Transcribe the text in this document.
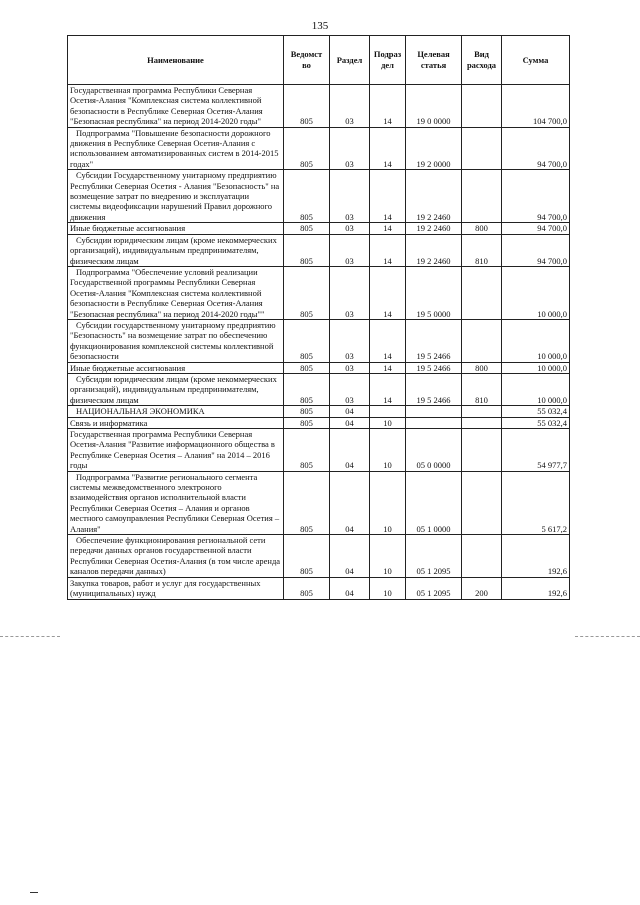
135
Наименование	Ведомст во	Раздел	Подраз дел	Целевая статья	Вид расхода	Сумма
Государственная программа Республики Северная Осетия-Алания "Комплексная система коллективной безопасности в Республике Северная Осетия-Алания "Безопасная республика" на период 2014-2020 годы"	805	03	14	19 0 0000		104 700,0
Подпрограмма "Повышение безопасности дорожного движения в Республике Северная Осетия-Алания с использованием автоматизированных систем в 2014-2015 годах"	805	03	14	19 2 0000		94 700,0
Субсидии Государственному унитарному предприятию Республики Северная Осетия - Алания "Безопасность" на возмещение затрат по внедрению и эксплуатации системы видеофиксации нарушений Правил дорожного движения	805	03	14	19 2 2460		94 700,0
Иные бюджетные ассигнования	805	03	14	19 2 2460	800	94 700,0
Субсидии юридическим лицам (кроме некоммерческих организаций), индивидуальным предпринимателям, физическим лицам	805	03	14	19 2 2460	810	94 700,0
Подпрограмма "Обеспечение условий реализации Государственной программы Республики Северная Осетия-Алания "Комплексная система коллективной безопасности в Республике Северная Осетия-Алания "Безопасная республика" на период 2014-2020 годы""	805	03	14	19 5 0000		10 000,0
Субсидии государственному унитарному предприятию "Безопасность" на возмещение затрат по обеспечению функционирования комплексной системы коллективной безопасности	805	03	14	19 5 2466		10 000,0
Иные бюджетные ассигнования	805	03	14	19 5 2466	800	10 000,0
Субсидии юридическим лицам (кроме некоммерческих организаций), индивидуальным предпринимателям, физическим лицам	805	03	14	19 5 2466	810	10 000,0
НАЦИОНАЛЬНАЯ ЭКОНОМИКА	805	04				55 032,4
Связь и информатика	805	04	10			55 032,4
Государственная программа Республики Северная Осетия-Алания "Развитие информационного общества в Республике Северная Осетия – Алания" на 2014 – 2016 годы	805	04	10	05 0 0000		54 977,7
Подпрограмма "Развитие регионального сегмента системы межведомственного электроного взаимодействия органов исполнительной власти Республики Северная Осетия – Алания и органов местного самоуправления Республики Северная Осетия – Алания"	805	04	10	05 1 0000		5 617,2
Обеспечение функционирования региональной сети передачи данных органов государственной власти Республики Северная Осетия-Алания (в том числе аренда каналов передачи данных)	805	04	10	05 1 2095		192,6
Закупка товаров, работ и услуг для государственных (муниципальных) нужд	805	04	10	05 1 2095	200	192,6
